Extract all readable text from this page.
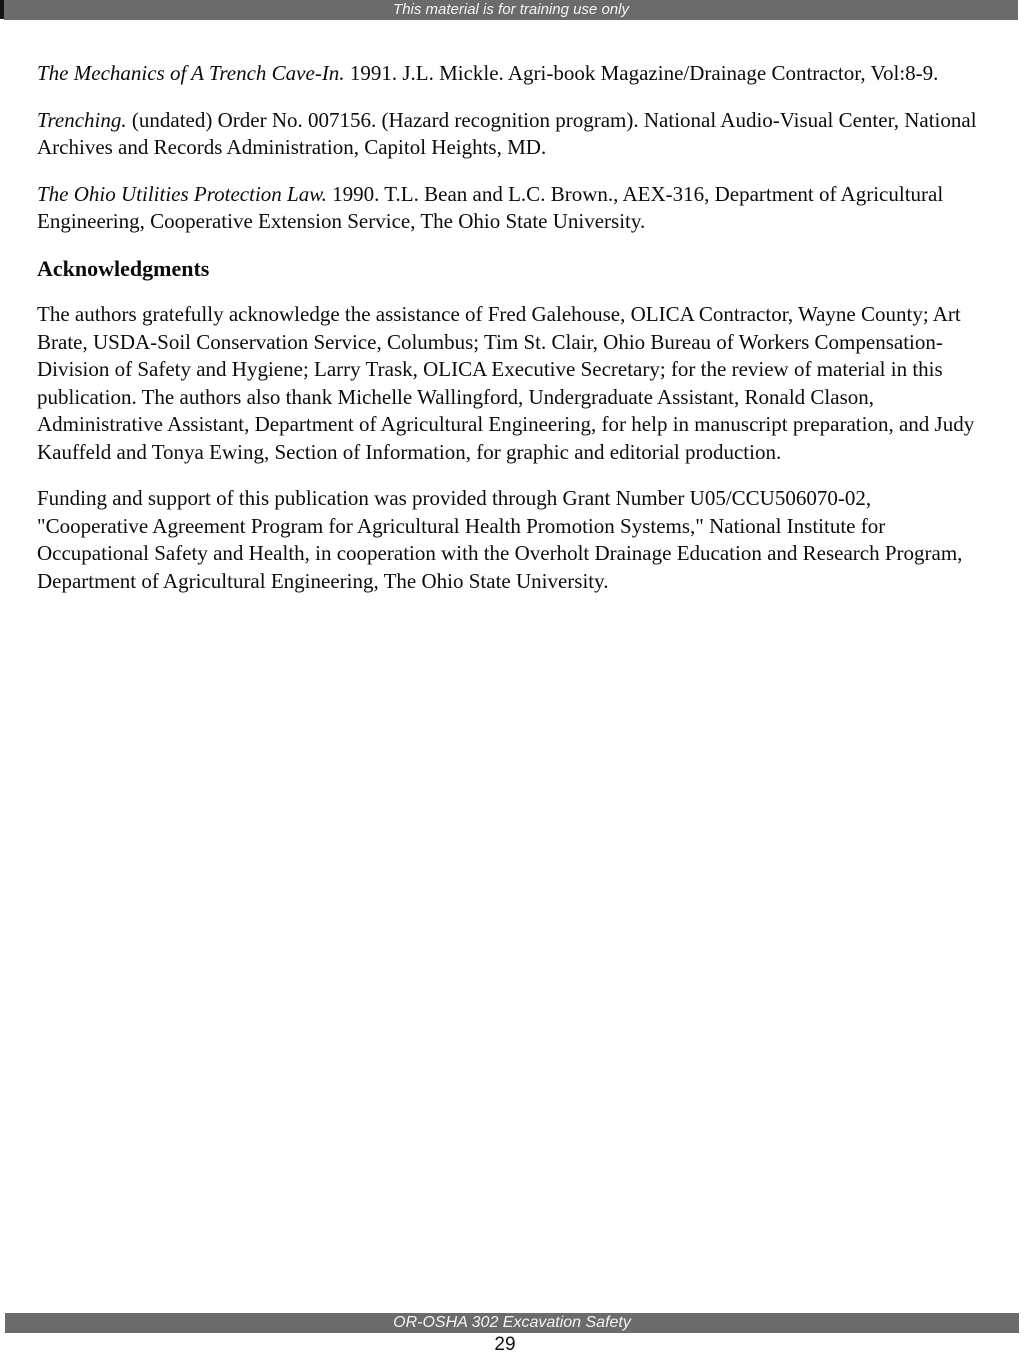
This material is for training use only

The Mechanics of A Trench Cave-In. 1991. J.L. Mickle. Agri-book Magazine/Drainage Contractor, Vol:8-9.

Trenching. (undated) Order No. 007156. (Hazard recognition program). National Audio-Visual Center, National Archives and Records Administration, Capitol Heights, MD.

The Ohio Utilities Protection Law. 1990. T.L. Bean and L.C. Brown., AEX-316, Department of Agricultural Engineering, Cooperative Extension Service, The Ohio State University.

Acknowledgments

The authors gratefully acknowledge the assistance of Fred Galehouse, OLICA Contractor, Wayne County; Art Brate, USDA-Soil Conservation Service, Columbus; Tim St. Clair, Ohio Bureau of Workers Compensation-Division of Safety and Hygiene; Larry Trask, OLICA Executive Secretary; for the review of material in this publication. The authors also thank Michelle Wallingford, Undergraduate Assistant, Ronald Clason, Administrative Assistant, Department of Agricultural Engineering, for help in manuscript preparation, and Judy Kauffeld and Tonya Ewing, Section of Information, for graphic and editorial production.

Funding and support of this publication was provided through Grant Number U05/CCU506070-02, "Cooperative Agreement Program for Agricultural Health Promotion Systems," National Institute for Occupational Safety and Health, in cooperation with the Overholt Drainage Education and Research Program, Department of Agricultural Engineering, The Ohio State University.

OR-OSHA 302 Excavation Safety
29
